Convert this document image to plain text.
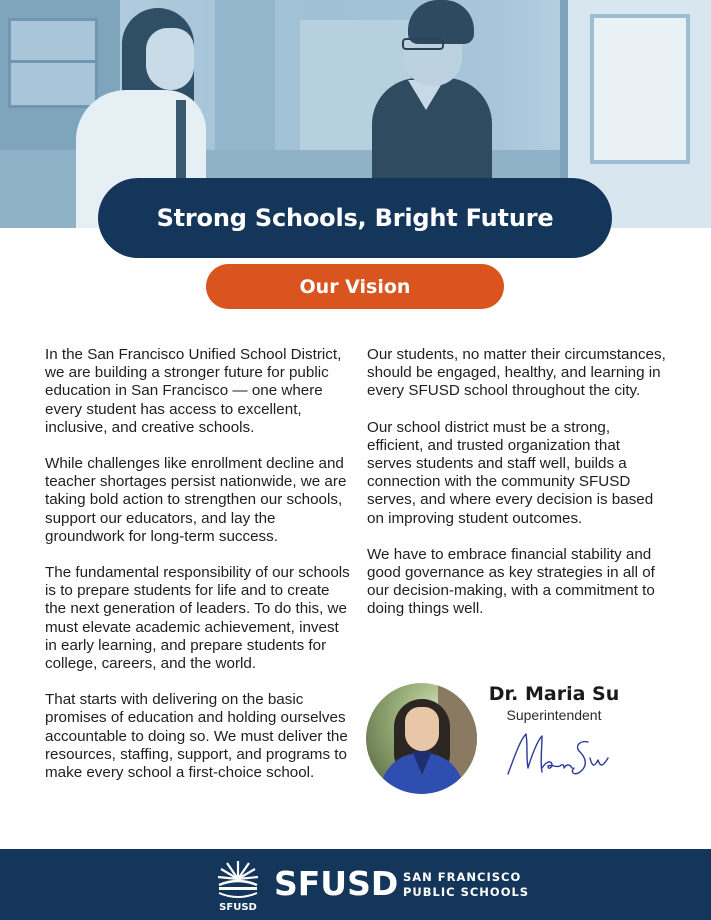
Strong Schools, Bright Future
Our Vision

In the San Francisco Unified School District, we are building a stronger future for public education in San Francisco — one where every student has access to excellent, inclusive, and creative schools.

While challenges like enrollment decline and teacher shortages persist nationwide, we are taking bold action to strengthen our schools, support our educators, and lay the groundwork for long-term success.

The fundamental responsibility of our schools is to prepare students for life and to create the next generation of leaders. To do this, we must elevate academic achievement, invest in early learning, and prepare students for college, careers, and the world.

That starts with delivering on the basic promises of education and holding ourselves accountable to doing so. We must deliver the resources, staffing, support, and programs to make every school a first-choice school.

Our students, no matter their circumstances, should be engaged, healthy, and learning in every SFUSD school throughout the city.

Our school district must be a strong, efficient, and trusted organization that serves students and staff well, builds a connection with the community SFUSD serves, and where every decision is based on improving student outcomes.

We have to embrace financial stability and good governance as key strategies in all of our decision-making, with a commitment to doing things well.

Dr. Maria Su
Superintendent
SFUSD
SFUSD SAN FRANCISCO
PUBLIC SCHOOLS
